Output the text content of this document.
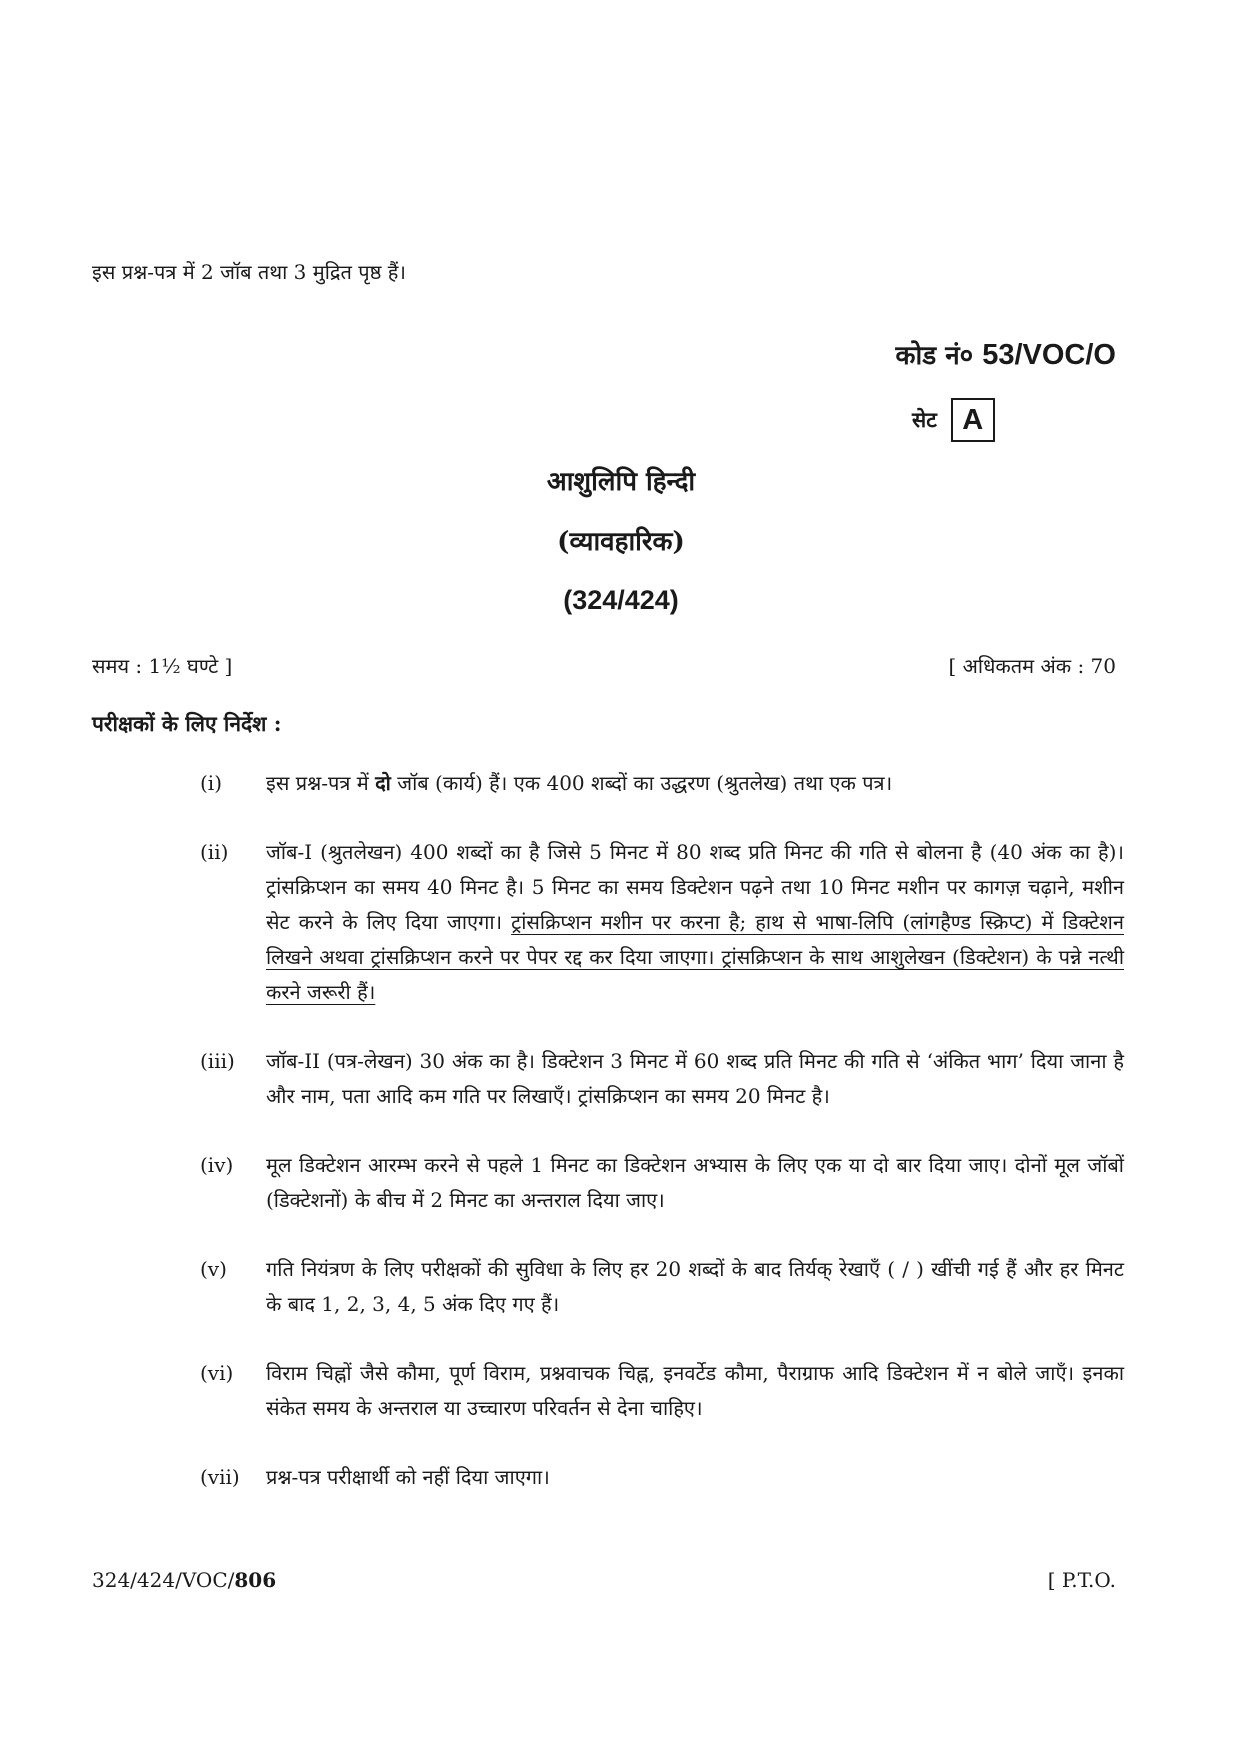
इस प्रश्न-पत्र में 2 जॉब तथा 3 मुद्रित पृष्ठ हैं।
कोड नं० 53/VOC/O
सेट A
आशुलिपि हिन्दी
(व्यावहारिक)
(324/424)
समय : 1½ घण्टे ]	[ अधिकतम अंक : 70
परीक्षकों के लिए निर्देश :
(i)	इस प्रश्न-पत्र में दो जॉब (कार्य) हैं। एक 400 शब्दों का उद्धरण (श्रुतलेख) तथा एक पत्र।
(ii)	जॉब-I (श्रुतलेखन) 400 शब्दों का है जिसे 5 मिनट में 80 शब्द प्रति मिनट की गति से बोलना है (40 अंक का है)। ट्रांसक्रिप्शन का समय 40 मिनट है। 5 मिनट का समय डिक्टेशन पढ़ने तथा 10 मिनट मशीन पर कागज़ चढ़ाने, मशीन सेट करने के लिए दिया जाएगा। ट्रांसक्रिप्शन मशीन पर करना है; हाथ से भाषा-लिपि (लांगहैण्ड स्क्रिप्ट) में डिक्टेशन लिखने अथवा ट्रांसक्रिप्शन करने पर पेपर रद्द कर दिया जाएगा। ट्रांसक्रिप्शन के साथ आशुलेखन (डिक्टेशन) के पन्ने नत्थी करने जरूरी हैं।
(iii)	जॉब-II (पत्र-लेखन) 30 अंक का है। डिक्टेशन 3 मिनट में 60 शब्द प्रति मिनट की गति से ‘अंकित भाग’ दिया जाना है और नाम, पता आदि कम गति पर लिखाएँ। ट्रांसक्रिप्शन का समय 20 मिनट है।
(iv)	मूल डिक्टेशन आरम्भ करने से पहले 1 मिनट का डिक्टेशन अभ्यास के लिए एक या दो बार दिया जाए। दोनों मूल जॉबों (डिक्टेशनों) के बीच में 2 मिनट का अन्तराल दिया जाए।
(v)	गति नियंत्रण के लिए परीक्षकों की सुविधा के लिए हर 20 शब्दों के बाद तिर्यक् रेखाएँ ( / ) खींची गई हैं और हर मिनट के बाद 1, 2, 3, 4, 5 अंक दिए गए हैं।
(vi)	विराम चिह्नों जैसे कौमा, पूर्ण विराम, प्रश्नवाचक चिह्न, इनवर्टेड कौमा, पैराग्राफ आदि डिक्टेशन में न बोले जाएँ। इनका संकेत समय के अन्तराल या उच्चारण परिवर्तन से देना चाहिए।
(vii)	प्रश्न-पत्र परीक्षार्थी को नहीं दिया जाएगा।
324/424/VOC/806	[ P.T.O.
